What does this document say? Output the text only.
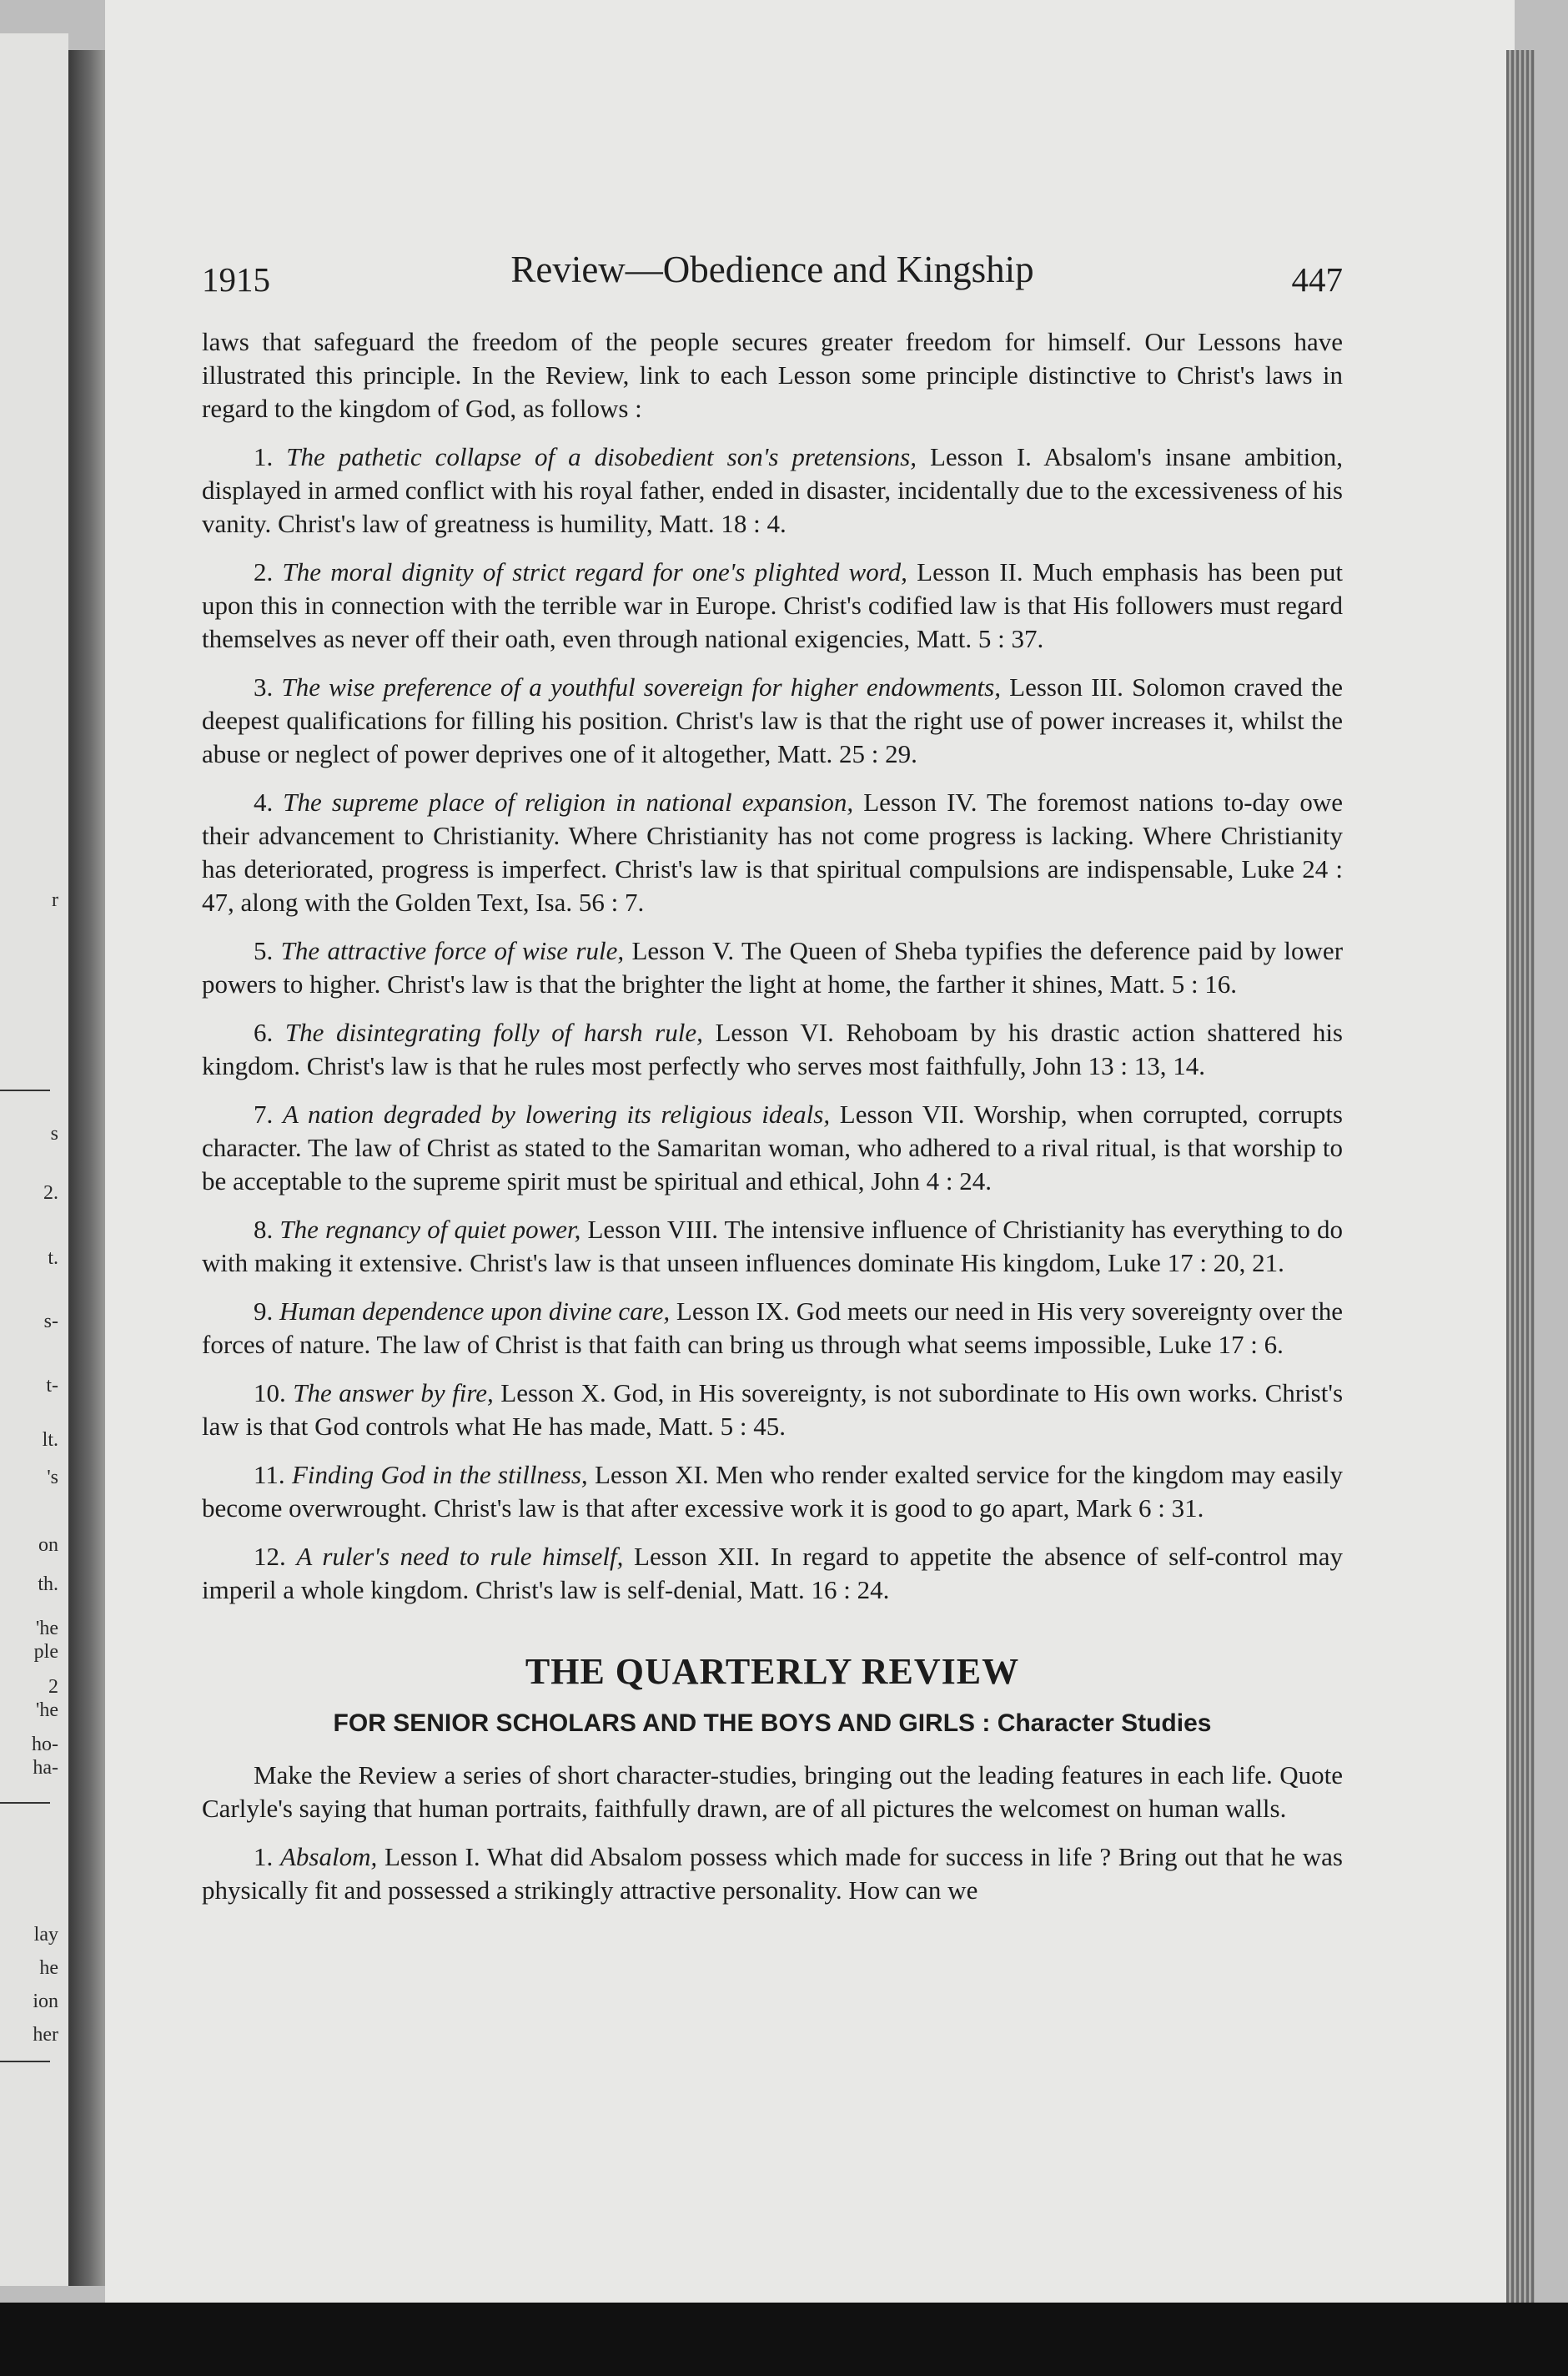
r
s
2.
t.
s-
t-
lt.
's
on
th.
'he
ple
2
'he
ho-
ha-
lay
he
ion
her
1915	Review—Obedience and Kingship	447

laws that safeguard the freedom of the people secures greater freedom for himself. Our Lessons have illustrated this principle. In the Review, link to each Lesson some principle distinctive to Christ's laws in regard to the kingdom of God, as follows :

1. The pathetic collapse of a disobedient son's pretensions, Lesson I. Absalom's insane ambition, displayed in armed conflict with his royal father, ended in disaster, incidentally due to the excessiveness of his vanity. Christ's law of greatness is humility, Matt. 18 : 4.

2. The moral dignity of strict regard for one's plighted word, Lesson II. Much emphasis has been put upon this in connection with the terrible war in Europe. Christ's codified law is that His followers must regard themselves as never off their oath, even through national exigencies, Matt. 5 : 37.

3. The wise preference of a youthful sovereign for higher endowments, Lesson III. Solomon craved the deepest qualifications for filling his position. Christ's law is that the right use of power increases it, whilst the abuse or neglect of power deprives one of it altogether, Matt. 25 : 29.

4. The supreme place of religion in national expansion, Lesson IV. The foremost nations to-day owe their advancement to Christianity. Where Christianity has not come progress is lacking. Where Christianity has deteriorated, progress is imperfect. Christ's law is that spiritual compulsions are indispensable, Luke 24 : 47, along with the Golden Text, Isa. 56 : 7.

5. The attractive force of wise rule, Lesson V. The Queen of Sheba typifies the deference paid by lower powers to higher. Christ's law is that the brighter the light at home, the farther it shines, Matt. 5 : 16.

6. The disintegrating folly of harsh rule, Lesson VI. Rehoboam by his drastic action shattered his kingdom. Christ's law is that he rules most perfectly who serves most faithfully, John 13 : 13, 14.

7. A nation degraded by lowering its religious ideals, Lesson VII. Worship, when corrupted, corrupts character. The law of Christ as stated to the Samaritan woman, who adhered to a rival ritual, is that worship to be acceptable to the supreme spirit must be spiritual and ethical, John 4 : 24.

8. The regnancy of quiet power, Lesson VIII. The intensive influence of Christianity has everything to do with making it extensive. Christ's law is that unseen influences dominate His kingdom, Luke 17 : 20, 21.

9. Human dependence upon divine care, Lesson IX. God meets our need in His very sovereignty over the forces of nature. The law of Christ is that faith can bring us through what seems impossible, Luke 17 : 6.

10. The answer by fire, Lesson X. God, in His sovereignty, is not subordinate to His own works. Christ's law is that God controls what He has made, Matt. 5 : 45.

11. Finding God in the stillness, Lesson XI. Men who render exalted service for the kingdom may easily become overwrought. Christ's law is that after excessive work it is good to go apart, Mark 6 : 31.

12. A ruler's need to rule himself, Lesson XII. In regard to appetite the absence of self-control may imperil a whole kingdom. Christ's law is self-denial, Matt. 16 : 24.

THE QUARTERLY REVIEW
FOR SENIOR SCHOLARS AND THE BOYS AND GIRLS : Character Studies

Make the Review a series of short character-studies, bringing out the leading features in each life. Quote Carlyle's saying that human portraits, faithfully drawn, are of all pictures the welcomest on human walls.

1. Absalom, Lesson I. What did Absalom possess which made for success in life ? Bring out that he was physically fit and possessed a strikingly attractive personality. How can we
